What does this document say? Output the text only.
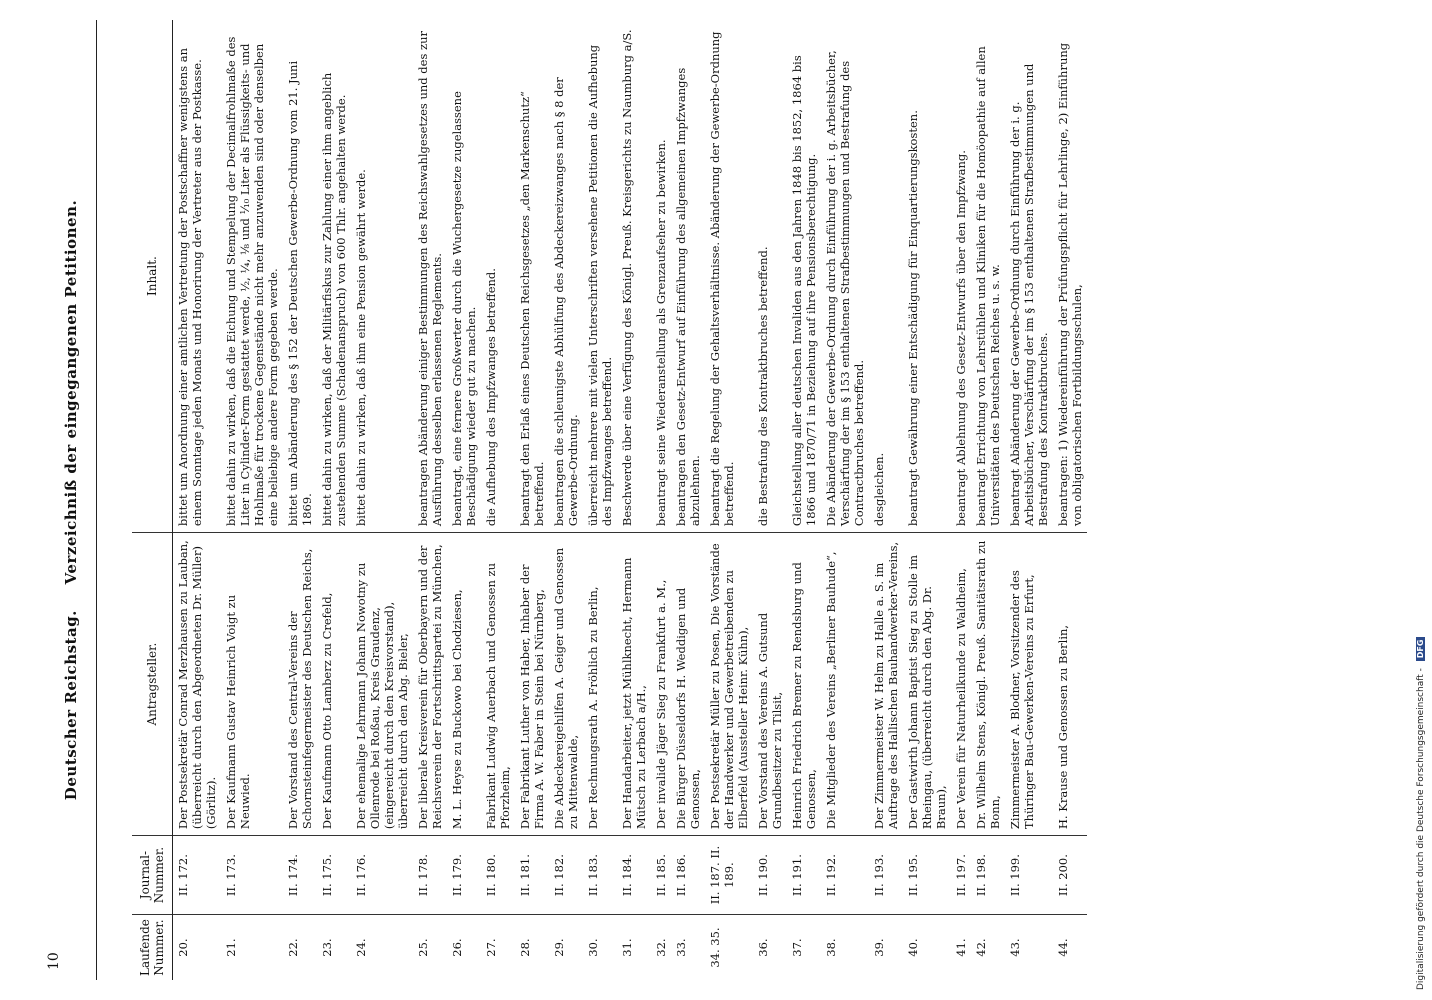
10
Deutscher Reichstag. Verzeichniß der eingegangenen Petitionen.
Laufende Nummer.	Journal-Nummer.	Antragsteller.	Inhalt.
20.	II. 172.	Der Postsekretär Conrad Merzhausen zu Lauban, (überreicht durch den Abgeordneten Dr. Müller) (Görlitz).	bittet um Anordnung einer amtlichen Vertretung der Postschaffner wenigstens an einem Sonntage jeden Monats und Honorirung der Vertreter aus der Postkasse.
21.	II. 173.	Der Kaufmann Gustav Heinrich Voigt zu Neuwied.	bittet dahin zu wirken, daß die Eichung und Stempelung der Decimalfrohlmaße des Liter in Cylinder-Form gestattet werde, ½, ¼, ⅛ und ¹⁄₁₀ Liter als Flüssigkeits- und Hohlmaße für trockene Gegenstände nicht mehr anzuwenden sind oder denselben eine beliebige andere Form gegeben werde.
22.	II. 174.	Der Vorstand des Central-Vereins der Schornsteinfegermeister des Deutschen Reichs,	bittet um Abänderung des § 152 der Deutschen Gewerbe-Ordnung vom 21. Juni 1869.
23.	II. 175.	Der Kaufmann Otto Lamberz zu Crefeld,	bittet dahin zu wirken, daß der Militärfiskus zur Zahlung einer ihm angeblich zustehenden Summe (Schadenanspruch) von 600 Thlr. angehalten werde.
24.	II. 176.	Der ehemalige Lehrmann Johann Nowotny zu Ollenrode bei Roßau, Kreis Graudenz, (eingereicht durch den Kreisvorstand), überreicht durch den Abg. Bieler,	bittet dahin zu wirken, daß ihm eine Pension gewährt werde.
25.	II. 178.	Der liberale Kreisverein für Oberbayern und der Reichsverein der Fortschrittspartei zu München,	beantragen Abänderung einiger Bestimmungen des Reichswahlgesetzes und des zur Ausführung desselben erlassenen Reglements.
26.	II. 179.	M. L. Heyse zu Buckowo bei Chodziesen,	beantragt, eine fernere Großwerter durch die Wuchergesetze zugelassene Beschädigung wieder gut zu machen.
27.	II. 180.	Fabrikant Ludwig Auerbach und Genossen zu Pforzheim,	die Aufhebung des Impfzwanges betreffend.
28.	II. 181.	Der Fabrikant Luther von Haber, Inhaber der Firma A. W. Faber in Stein bei Nürnberg,	beantragt den Erlaß eines Deutschen Reichsgesetzes „den Markenschutz“ betreffend.
29.	II. 182.	Die Abdeckereigehilfen A. Geiger und Genossen zu Mittenwalde,	beantragen die schleunigste Abhülfung des Abdeckereizwanges nach § 8 der Gewerbe-Ordnung.
30.	II. 183.	Der Rechnungsrath A. Fröhlich zu Berlin,	überreicht mehrere mit vielen Unterschriften versehene Petitionen die Aufhebung des Impfzwanges betreffend.
31.	II. 184.	Der Handarbeiter, jetzt Mühlknecht, Hermann Mütsch zu Lerbach a/H.,	Beschwerde über eine Verfügung des Königl. Preuß. Kreisgerichts zu Naumburg a/S.
32.	II. 185.	Der invalide Jäger Sieg zu Frankfurt a. M.,	beantragt seine Wiederanstellung als Grenzaufseher zu bewirken.
33.	II. 186.	Die Bürger Düsseldorfs H. Weddigen und Genossen,	beantragen den Gesetz-Entwurf auf Einführung des allgemeinen Impfzwanges abzulehnen.
34. 35.	II. 187. II. 189.	Der Postsekretär Müller zu Posen, Die Vorstände der Handwerker und Gewerbetreibenden zu Elberfeld (Aussteller Heinr. Kühn),	beantragt die Regelung der Gehaltsverhältnisse. Abänderung der Gewerbe-Ordnung betreffend.
36.	II. 190.	Der Vorstand des Vereins A. Gutsund Grundbesitzer zu Tilsit,	die Bestrafung des Kontraktbruches betreffend.
37.	II. 191.	Heinrich Friedrich Bremer zu Rendsburg und Genossen,	Gleichstellung aller deutschen Invaliden aus den Jahren 1848 bis 1852, 1864 bis 1866 und 1870/71 in Beziehung auf ihre Pensionsberechtigung.
38.	II. 192.	Die Mitglieder des Vereins „Berliner Bauhude“,	Die Abänderung der Gewerbe-Ordnung durch Einführung der i. g. Arbeitsbücher, Verschärfung der im § 153 enthaltenen Strafbestimmungen und Bestrafung des Contractbruches betreffend.
39.	II. 193.	Der Zimmermeister W. Helm zu Halle a. S. im Auftrage des Hallischen Bauhandwerker-Vereins,	desgleichen.
40.	II. 195.	Der Gastwirth Johann Baptist Sieg zu Stolle im Rheingau, (überreicht durch den Abg. Dr. Braun),	beantragt Gewährung einer Entschädigung für Einquartierungskosten.
41.	II. 197.	Der Verein für Naturheilkunde zu Waldheim,	beantragt Ablehnung des Gesetz-Entwurfs über den Impfzwang.
42.	II. 198.	Dr. Wilhelm Stens, Königl. Preuß. Sanitätsrath zu Bonn,	beantragt Errichtung von Lehrstühlen und Kliniken für die Homöopathie auf allen Universitäten des Deutschen Reiches u. s. w.
43.	II. 199.	Zimmermeister A. Blodner, Vorsitzender des Thüringer Bau-Gewerken-Vereins zu Erfurt,	beantragt Abänderung der Gewerbe-Ordnung durch Einführung der i. g. Arbeitsbücher, Verschärfung der im § 153 enthaltenen Strafbestimmungen und Bestrafung des Kontraktbruches.
44.	II. 200.	H. Krause und Genossen zu Berlin,	beantragen: 1) Wiedereinführung der Prüfungspflicht für Lehrlinge, 2) Einführung von obligatorischen Fortbildungsschulen,
Digitalisierung gefördert durch die Deutsche Forschungsgemeinschaft - DFG
